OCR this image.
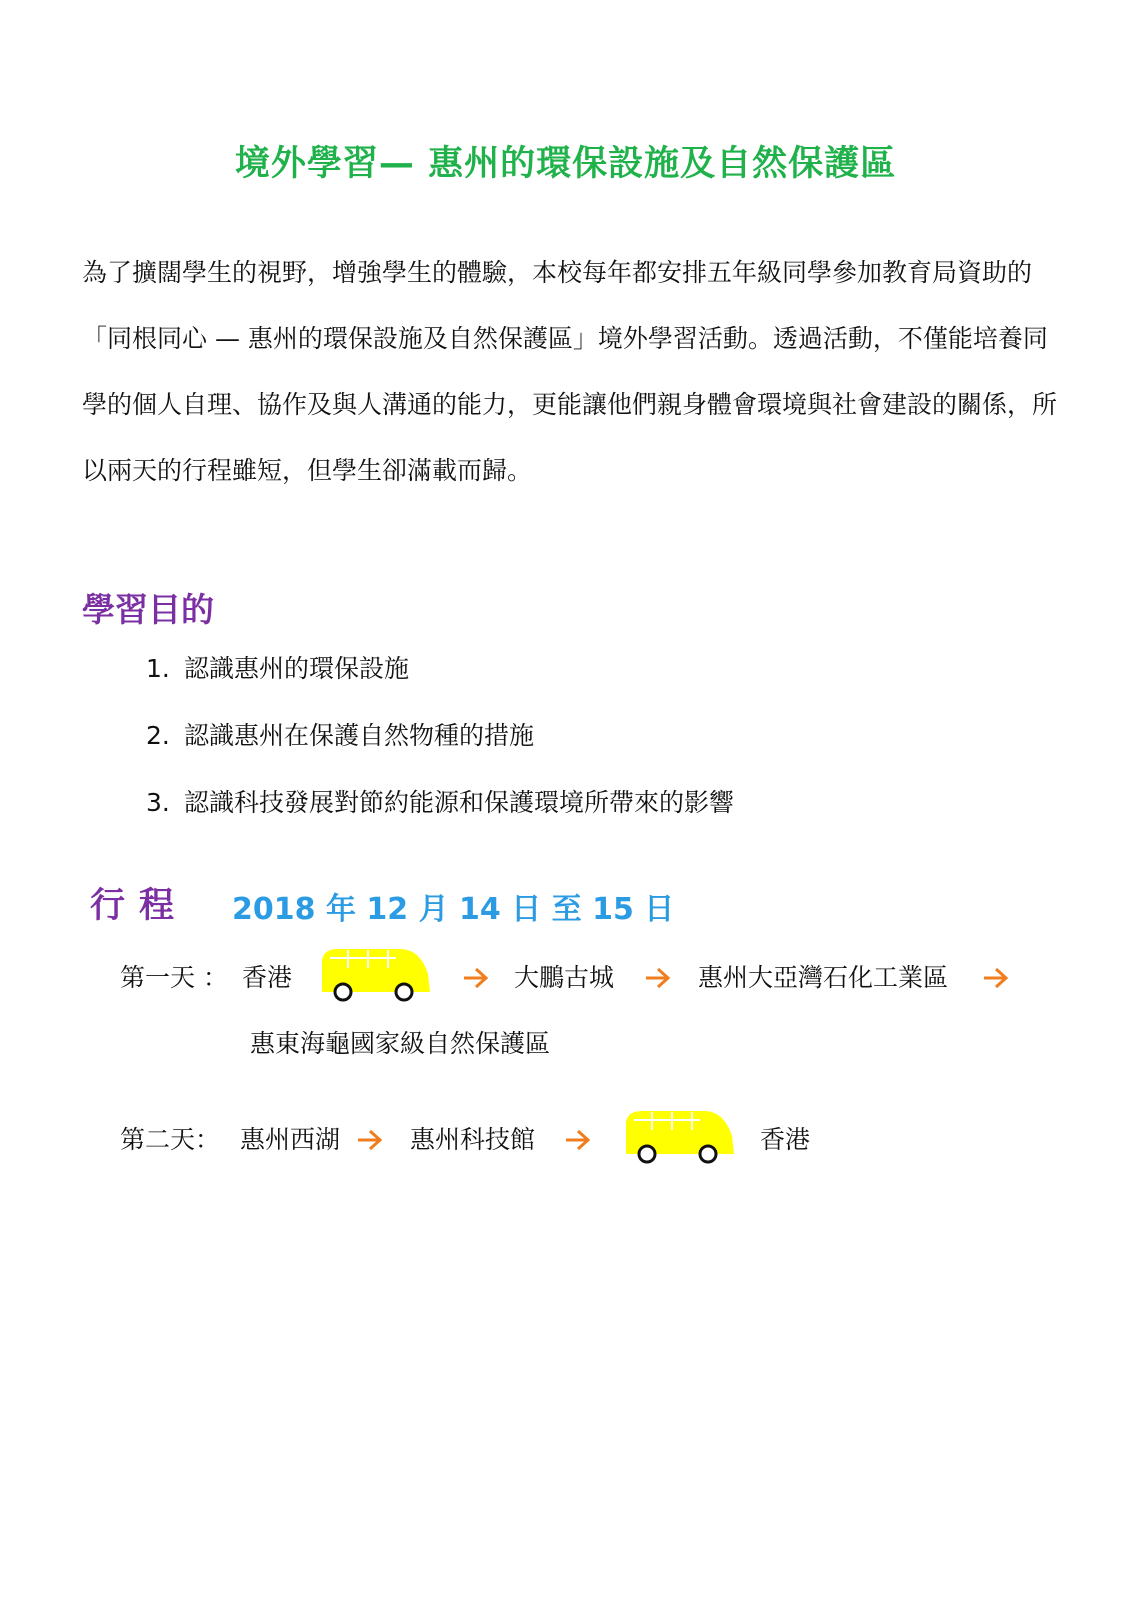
境外學習— 惠州的環保設施及自然保護區

為了擴闊學生的視野，增強學生的體驗，本校每年都安排五年級同學參加教育局資助的「同根同心 — 惠州的環保設施及自然保護區」境外學習活動。透過活動，不僅能培養同學的個人自理、協作及與人溝通的能力，更能讓他們親身體會環境與社會建設的關係，所以兩天的行程雖短，但學生卻滿載而歸。

學習目的
1. 認識惠州的環保設施
2. 認識惠州在保護自然物種的措施
3. 認識科技發展對節約能源和保護環境所帶來的影響
行程 2018 年 12 月 14 日 至 15 日
第一天 ： 香港	大鵬古城	惠州大亞灣石化工業區
惠東海龜國家級自然保護區
第二天： 惠州西湖	惠州科技館	香港
